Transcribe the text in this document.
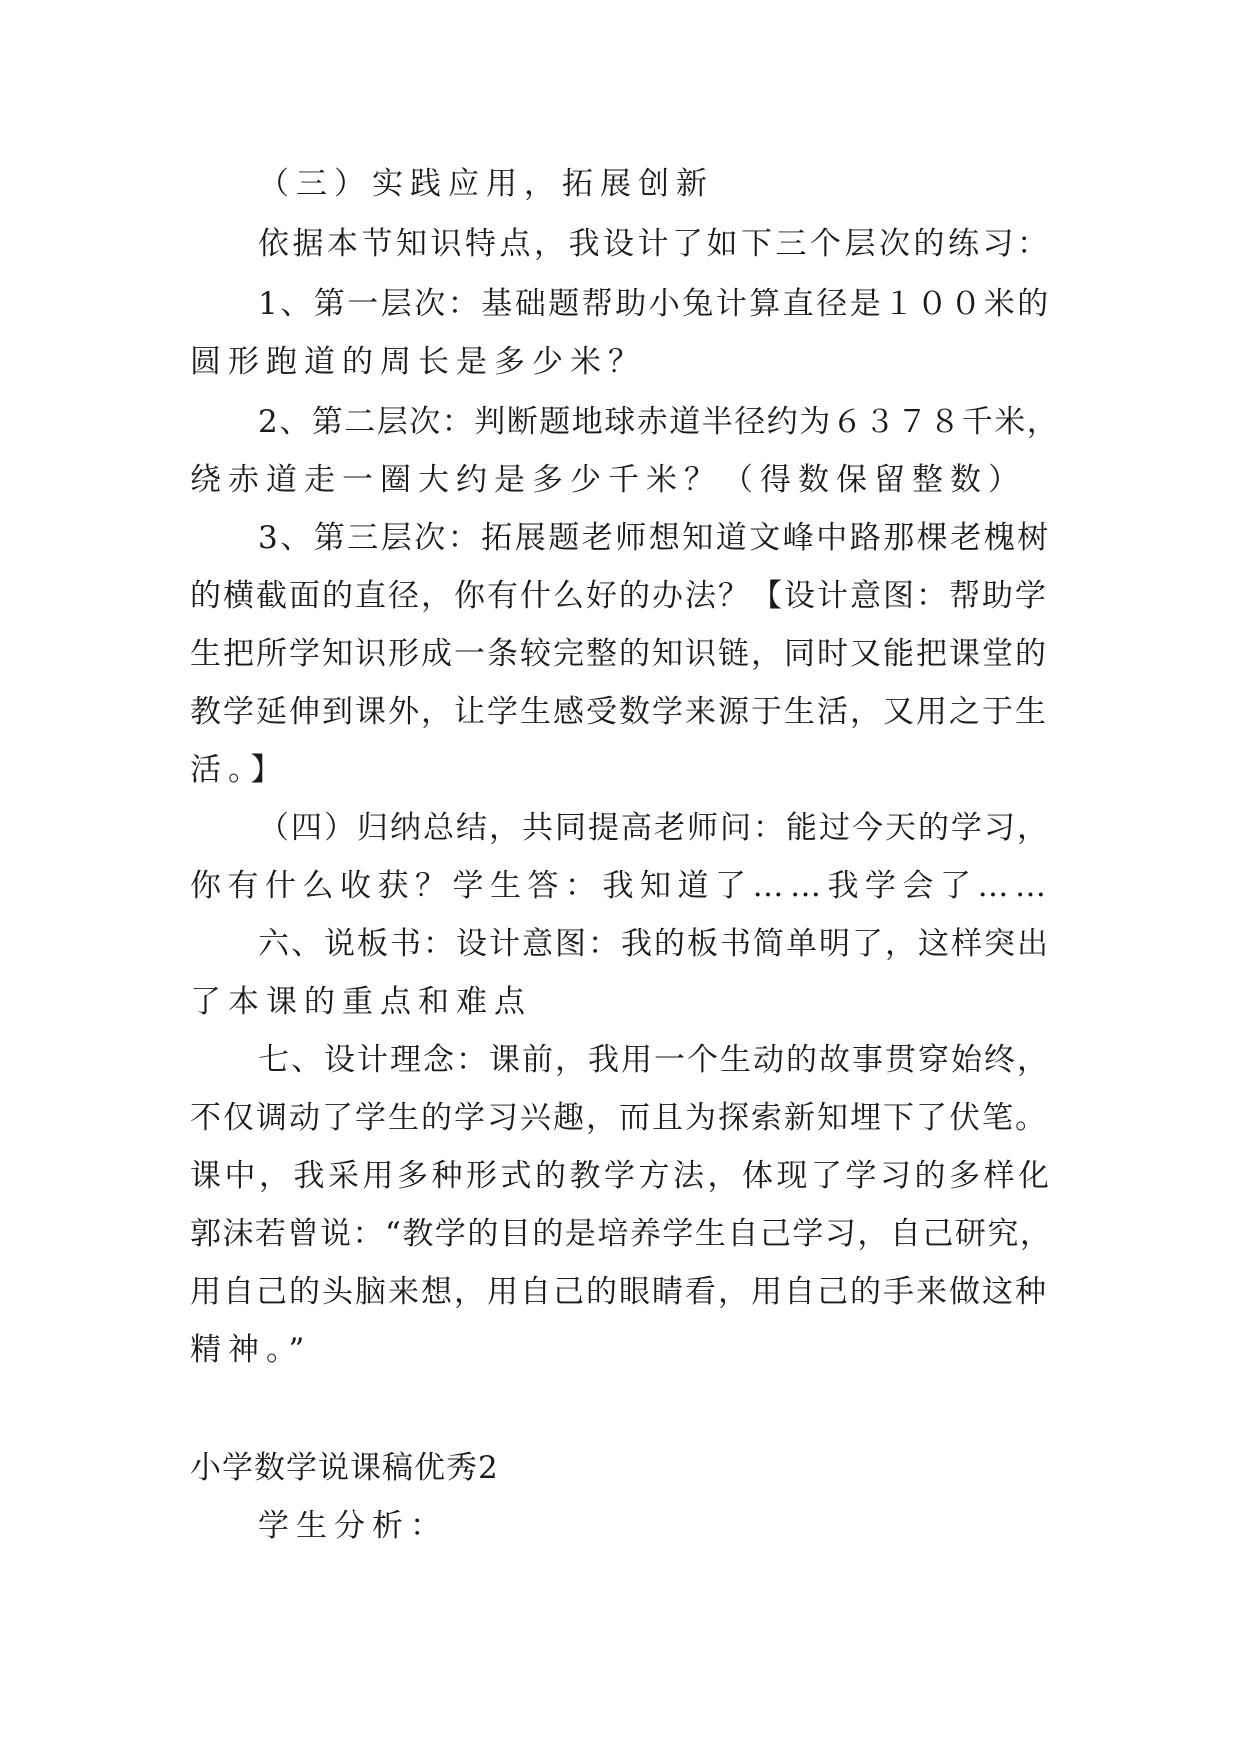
（三）实践应用，拓展创新
依据本节知识特点，我设计了如下三个层次的练习：
1、第一层次：基础题帮助小兔计算直径是１００米的
圆形跑道的周长是多少米？
2、第二层次：判断题地球赤道半径约为６３７８千米，
绕赤道走一圈大约是多少千米？（得数保留整数）
3、第三层次：拓展题老师想知道文峰中路那棵老槐树
的横截面的直径，你有什么好的办法？【设计意图：帮助学
生把所学知识形成一条较完整的知识链，同时又能把课堂的
教学延伸到课外，让学生感受数学来源于生活，又用之于生
活。】
（四）归纳总结，共同提高老师问：能过今天的学习，
你有什么收获？学生答：我知道了……我学会了……
六、说板书：设计意图：我的板书简单明了，这样突出
了本课的重点和难点
七、设计理念：课前，我用一个生动的故事贯穿始终，
不仅调动了学生的学习兴趣，而且为探索新知埋下了伏笔。
课中，我采用多种形式的教学方法，体现了学习的多样化
郭沫若曾说：“教学的目的是培养学生自己学习，自己研究，
用自己的头脑来想，用自己的眼睛看，用自己的手来做这种
精神。”
小学数学说课稿优秀2
学生分析：
